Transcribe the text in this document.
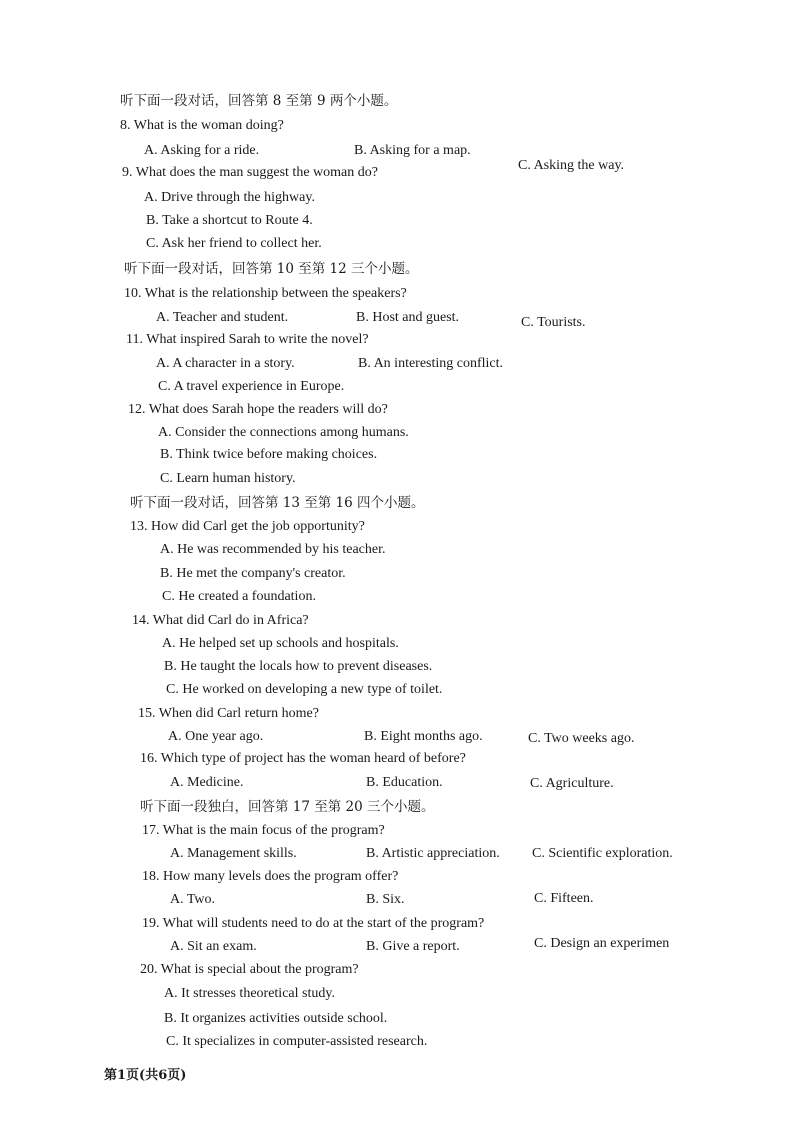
听下面一段对话，回答第 8 至第 9 两个小题。
8. What is the woman doing?
A. Asking for a ride.	B. Asking for a map.
C. Asking the way.
9. What does the man suggest the woman do?
A. Drive through the highway.
B. Take a shortcut to Route 4.
C. Ask her friend to collect her.
听下面一段对话，回答第 10 至第 12 三个小题。
10. What is the relationship between the speakers?
A. Teacher and student.	B. Host and guest.	C. Tourists.
11. What inspired Sarah to write the novel?
A. A character in a story.	B. An interesting conflict.
C. A travel experience in Europe.
12. What does Sarah hope the readers will do?
A. Consider the connections among humans.
B. Think twice before making choices.
C. Learn human history.
听下面一段对话，回答第 13 至第 16 四个小题。
13. How did Carl get the job opportunity?
A. He was recommended by his teacher.
B. He met the company's creator.
C. He created a foundation.
14. What did Carl do in Africa?
A. He helped set up schools and hospitals.
B. He taught the locals how to prevent diseases.
C. He worked on developing a new type of toilet.
15. When did Carl return home?
A. One year ago.	B. Eight months ago.	C. Two weeks ago.
16. Which type of project has the woman heard of before?
A. Medicine.	B. Education.	C. Agriculture.
听下面一段独白，回答第 17 至第 20 三个小题。
17. What is the main focus of the program?
A. Management skills.	B. Artistic appreciation. C. Scientific exploration.
18. How many levels does the program offer?
A. Two.	B. Six.	C. Fifteen.
19. What will students need to do at the start of the program?
A. Sit an exam.	B. Give a report.	C. Design an experimen
20. What is special about the program?
A. It stresses theoretical study.
B. It organizes activities outside school.
C. It specializes in computer-assisted research.
第1页(共6页)
